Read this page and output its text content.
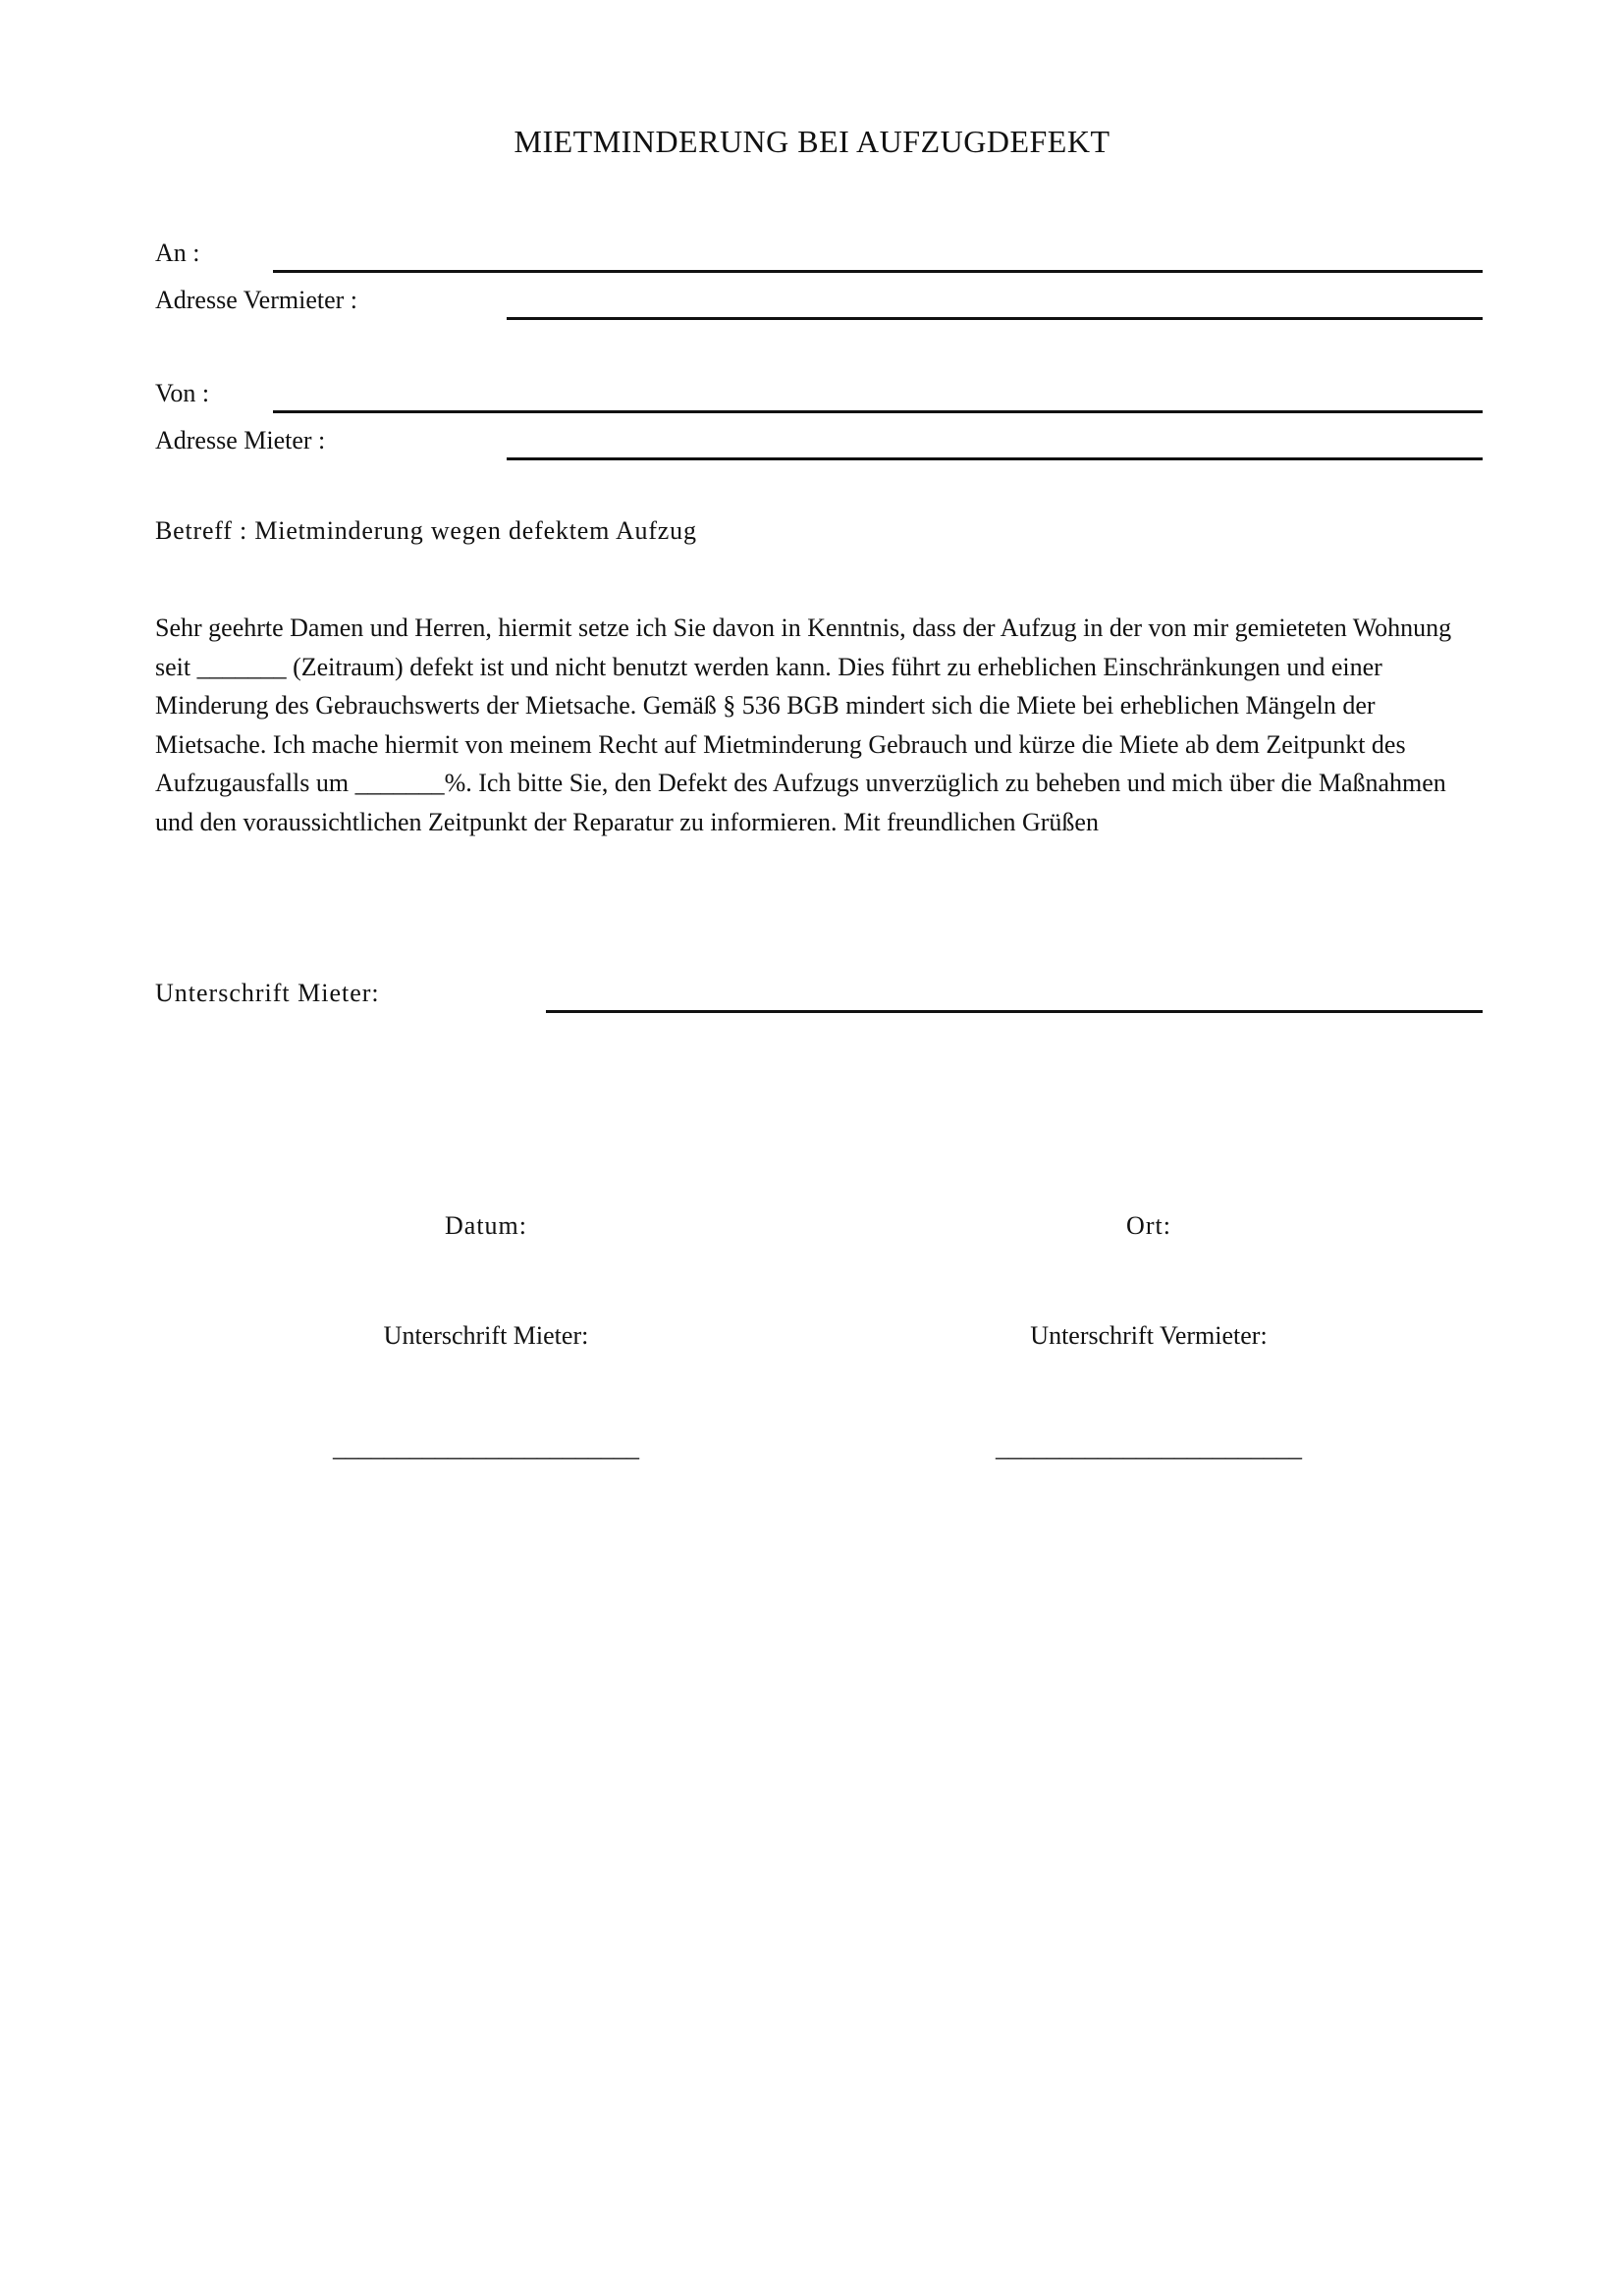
MIETMINDERUNG BEI AUFZUGDEFEKT
An :
Adresse Vermieter :
Von :
Adresse Mieter :
Betreff : Mietminderung wegen defektem Aufzug
Sehr geehrte Damen und Herren, hiermit setze ich Sie davon in Kenntnis, dass der Aufzug in der von mir gemieteten Wohnung seit _______ (Zeitraum) defekt ist und nicht benutzt werden kann. Dies führt zu erheblichen Einschränkungen und einer Minderung des Gebrauchswerts der Mietsache. Gemäß § 536 BGB mindert sich die Miete bei erheblichen Mängeln der Mietsache. Ich mache hiermit von meinem Recht auf Mietminderung Gebrauch und kürze die Miete ab dem Zeitpunkt des Aufzugausfalls um _______%. Ich bitte Sie, den Defekt des Aufzugs unverzüglich zu beheben und mich über die Maßnahmen und den voraussichtlichen Zeitpunkt der Reparatur zu informieren. Mit freundlichen Grüßen
Unterschrift Mieter:
Datum:	Ort:
Unterschrift Mieter:	Unterschrift Vermieter:
________________________	________________________
